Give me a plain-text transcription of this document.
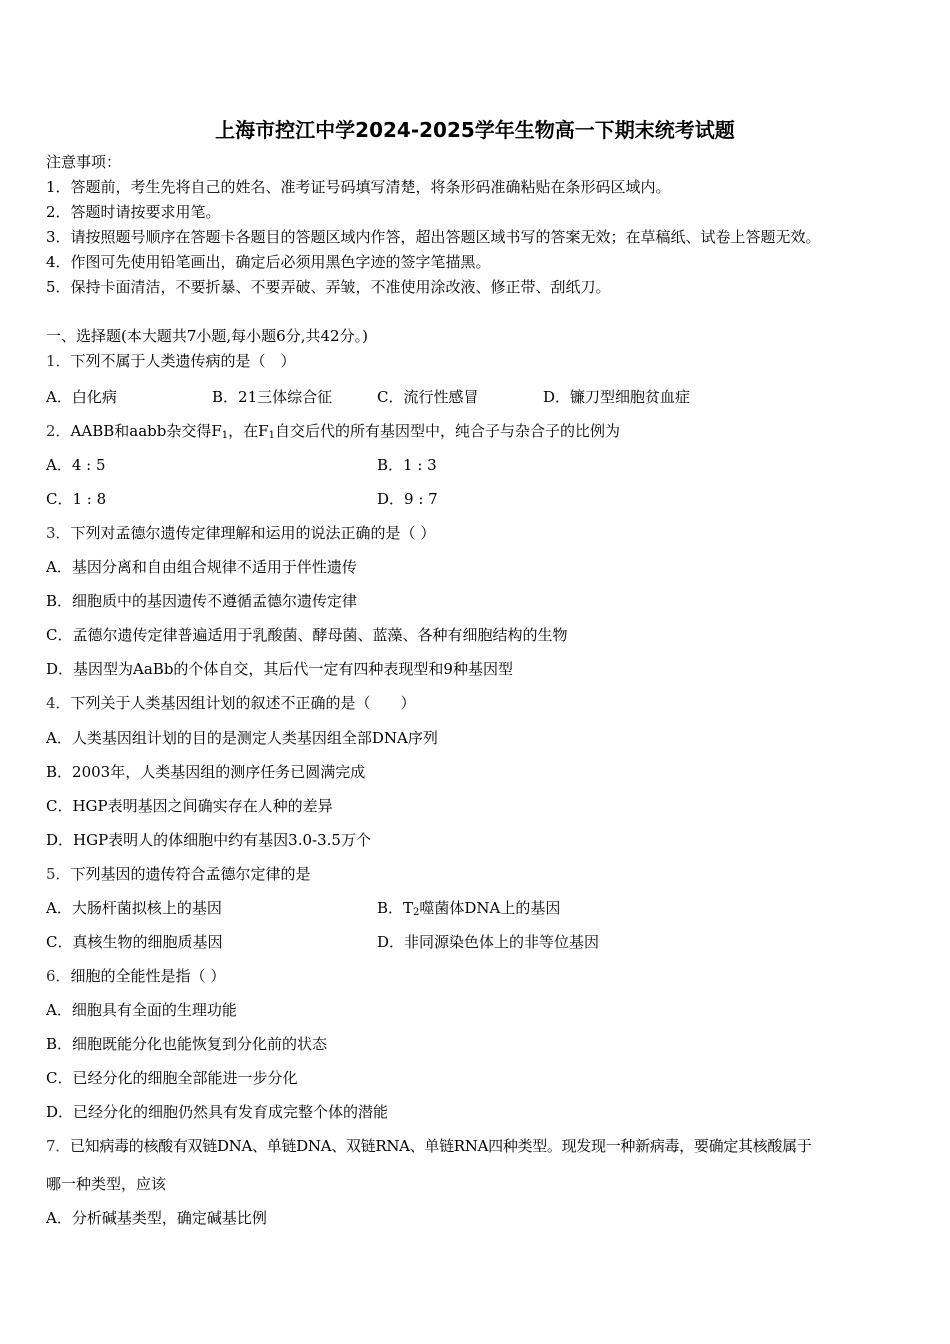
上海市控江中学2024-2025学年生物高一下期末统考试题
注意事项：
1．答题前，考生先将自己的姓名、准考证号码填写清楚，将条形码准确粘贴在条形码区域内。
2．答题时请按要求用笔。
3．请按照题号顺序在答题卡各题目的答题区域内作答，超出答题区域书写的答案无效；在草稿纸、试卷上答题无效。
4．作图可先使用铅笔画出，确定后必须用黑色字迹的签字笔描黑。
5．保持卡面清洁，不要折暴、不要弄破、弄皱，不准使用涂改液、修正带、刮纸刀。
一、选择题(本大题共7小题,每小题6分,共42分。)
1．下列不属于人类遗传病的是（　）
A．白化病	B．21三体综合征	C．流行性感冒	D．镰刀型细胞贫血症
2．AABB和aabb杂交得$F_1$，在$F_1$自交后代的所有基因型中，纯合子与杂合子的比例为
A．4 : 5	B．1 : 3
C．1 : 8	D．9 : 7
3．下列对孟德尔遗传定律理解和运用的说法正确的是（ ）
A．基因分离和自由组合规律不适用于伴性遗传
B．细胞质中的基因遗传不遵循孟德尔遗传定律
C．孟德尔遗传定律普遍适用于乳酸菌、酵母菌、蓝藻、各种有细胞结构的生物
D．基因型为AaBb的个体自交，其后代一定有四种表现型和9种基因型
4．下列关于人类基因组计划的叙述不正确的是（　　）
A．人类基因组计划的目的是测定人类基因组全部DNA序列
B．2003年，人类基因组的测序任务已圆满完成
C．HGP表明基因之间确实存在人种的差异
D．HGP表明人的体细胞中约有基因3.0-3.5万个
5．下列基因的遗传符合孟德尔定律的是
A．大肠杆菌拟核上的基因	B．$T_2$噬菌体DNA上的基因
C．真核生物的细胞质基因	D．非同源染色体上的非等位基因
6．细胞的全能性是指（ ）
A．细胞具有全面的生理功能
B．细胞既能分化也能恢复到分化前的状态
C．已经分化的细胞全部能进一步分化
D．已经分化的细胞仍然具有发育成完整个体的潜能
7．已知病毒的核酸有双链DNA、单链DNA、双链RNA、单链RNA四种类型。现发现一种新病毒，要确定其核酸属于
哪一种类型，应该
A．分析碱基类型，确定碱基比例
